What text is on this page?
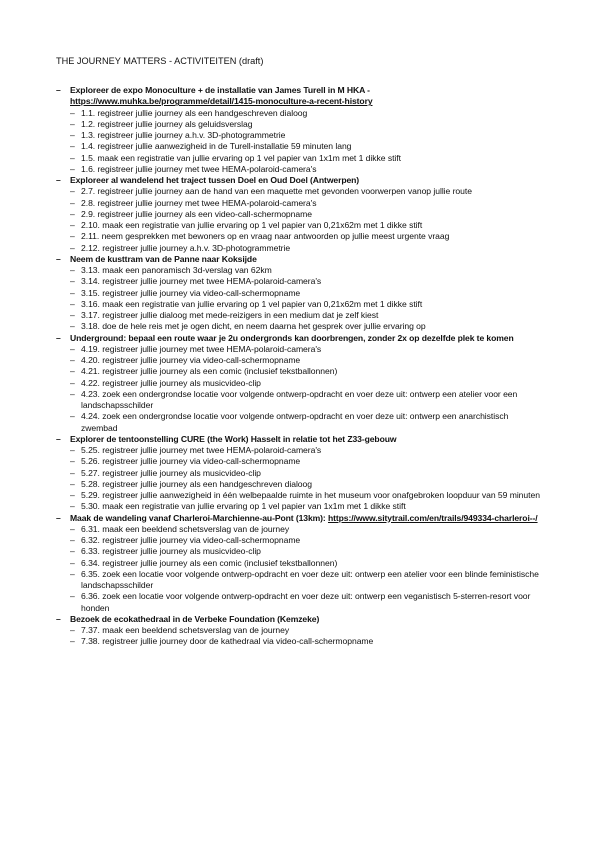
THE JOURNEY MATTERS - ACTIVITEITEN (draft)
– Exploreer de expo Monoculture + de installatie van James Turell in M HKA - https://www.muhka.be/programme/detail/1415-monoculture-a-recent-history
– 1.1. registreer jullie journey als een handgeschreven dialoog
– 1.2. registreer jullie journey als geluidsverslag
– 1.3. registreer jullie journey a.h.v. 3D-photogrammetrie
– 1.4. registreer jullie aanwezigheid in de Turell-installatie 59 minuten lang
– 1.5. maak een registratie van jullie ervaring op 1 vel papier van 1x1m met 1 dikke stift
– 1.6. registreer jullie journey met twee HEMA-polaroid-camera's
– Exploreer al wandelend het traject tussen Doel en Oud Doel (Antwerpen)
– 2.7. registreer jullie journey aan de hand van een maquette met gevonden voorwerpen vanop jullie route
– 2.8. registreer jullie journey met twee HEMA-polaroid-camera's
– 2.9. registreer jullie journey als een video-call-schermopname
– 2.10. maak een registratie van jullie ervaring op 1 vel papier van 0,21x62m met 1 dikke stift
– 2.11. neem gesprekken met bewoners op en vraag naar antwoorden op jullie meest urgente vraag
– 2.12. registreer jullie journey a.h.v. 3D-photogrammetrie
– Neem de kusttram van de Panne naar Koksijde
– 3.13. maak een panoramisch 3d-verslag van 62km
– 3.14. registreer jullie journey met twee HEMA-polaroid-camera's
– 3.15. registreer jullie journey via video-call-schermopname
– 3.16. maak een registratie van jullie ervaring op 1 vel papier van 0,21x62m met 1 dikke stift
– 3.17. registreer jullie dialoog met mede-reizigers in een medium dat je zelf kiest
– 3.18. doe de hele reis met je ogen dicht, en neem daarna het gesprek over jullie ervaring op
– Underground: bepaal een route waar je 2u ondergronds kan doorbrengen, zonder 2x op dezelfde plek te komen
– 4.19. registreer jullie journey met twee HEMA-polaroid-camera's
– 4.20. registreer jullie journey via video-call-schermopname
– 4.21. registreer jullie journey als een comic (inclusief tekstballonnen)
– 4.22. registreer jullie journey als musicvideo-clip
– 4.23. zoek een ondergrondse locatie voor volgende ontwerp-opdracht en voer deze uit: ontwerp een atelier voor een landschapsschilder
– 4.24. zoek een ondergrondse locatie voor volgende ontwerp-opdracht en voer deze uit: ontwerp een anarchistisch zwembad
– Explorer de tentoonstelling CURE (the Work) Hasselt in relatie tot het Z33-gebouw
– 5.25. registreer jullie journey met twee HEMA-polaroid-camera's
– 5.26. registreer jullie journey via video-call-schermopname
– 5.27. registreer jullie journey als musicvideo-clip
– 5.28. registreer jullie journey als een handgeschreven dialoog
– 5.29. registreer jullie aanwezigheid in één welbepaalde ruimte in het museum voor onafgebroken loopduur van 59 minuten
– 5.30. maak een registratie van jullie ervaring op 1 vel papier van 1x1m met 1 dikke stift
– Maak de wandeling vanaf Charleroi-Marchienne-au-Pont (13km): https://www.sitytrail.com/en/trails/949334-charleroi--/
– 6.31. maak een beeldend schetsverslag van de journey
– 6.32. registreer jullie journey via video-call-schermopname
– 6.33. registreer jullie journey als musicvideo-clip
– 6.34. registreer jullie journey als een comic (inclusief tekstballonnen)
– 6.35. zoek een locatie voor volgende ontwerp-opdracht en voer deze uit: ontwerp een atelier voor een blinde feministische landschapsschilder
– 6.36. zoek een locatie voor volgende ontwerp-opdracht en voer deze uit: ontwerp een veganistisch 5-sterren-resort voor honden
– Bezoek de ecokathedraal in de Verbeke Foundation (Kemzeke)
– 7.37. maak een beeldend schetsverslag van de journey
– 7.38. registreer jullie journey door de kathedraal via video-call-schermopname
